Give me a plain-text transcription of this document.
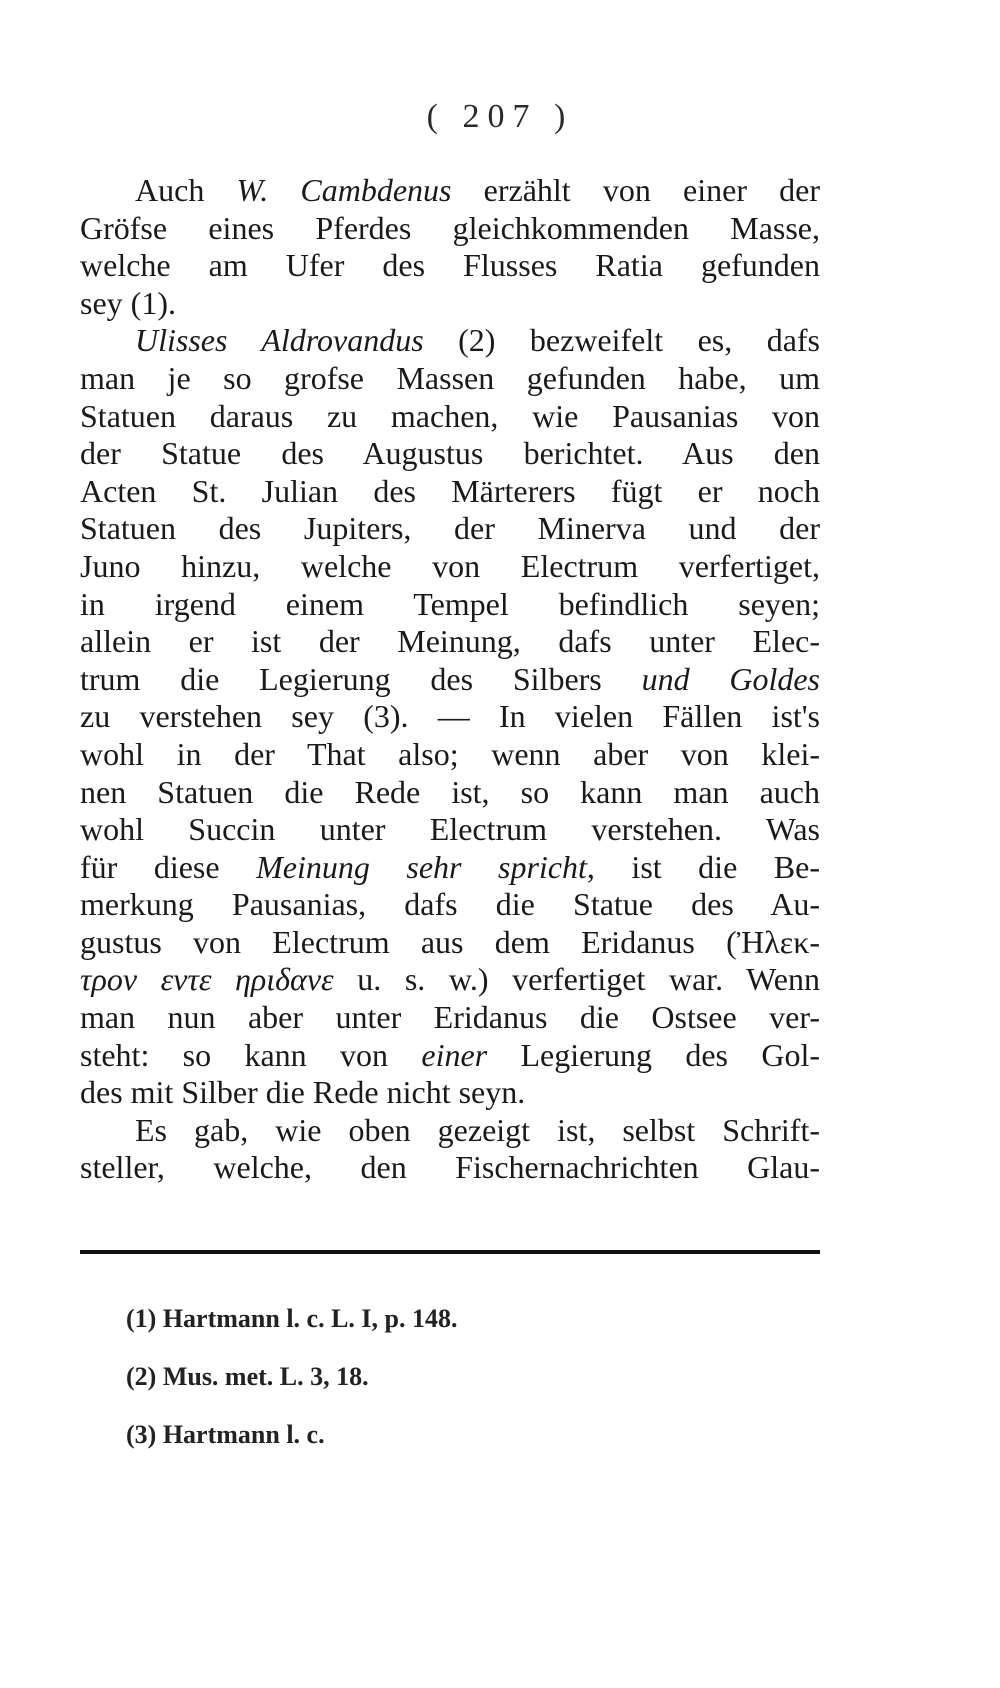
( 207 )
Auch W. Cambdenus erzählt von einer der
Gröfse eines Pferdes gleichkommenden Masse,
welche am Ufer des Flusses Ratia gefunden
sey (1).
Ulisses Aldrovandus (2) bezweifelt es, dafs
man je so grofse Massen gefunden habe, um
Statuen daraus zu machen, wie Pausanias von
der Statue des Augustus berichtet. Aus den
Acten St. Julian des Märterers fügt er noch
Statuen des Jupiters, der Minerva und der
Juno hinzu, welche von Electrum verfertiget,
in irgend einem Tempel befindlich seyen;
allein er ist der Meinung, dafs unter Elec-
trum die Legierung des Silbers und Goldes
zu verstehen sey (3). — In vielen Fällen ist's
wohl in der That also; wenn aber von klei-
nen Statuen die Rede ist, so kann man auch
wohl Succin unter Electrum verstehen. Was
für diese Meinung sehr spricht, ist die Be-
merkung Pausanias, dafs die Statue des Au-
gustus von Electrum aus dem Eridanus (Ἠλεκ-
τρον εντε ηριδανε u. s. w.) verfertiget war. Wenn
man nun aber unter Eridanus die Ostsee ver-
steht: so kann von einer Legierung des Gol-
des mit Silber die Rede nicht seyn.
Es gab, wie oben gezeigt ist, selbst Schrift-
steller, welche, den Fischernachrichten Glau-
(1) Hartmann l. c. L. I, p. 148.
(2) Mus. met. L. 3, 18.
(3) Hartmann l. c.
